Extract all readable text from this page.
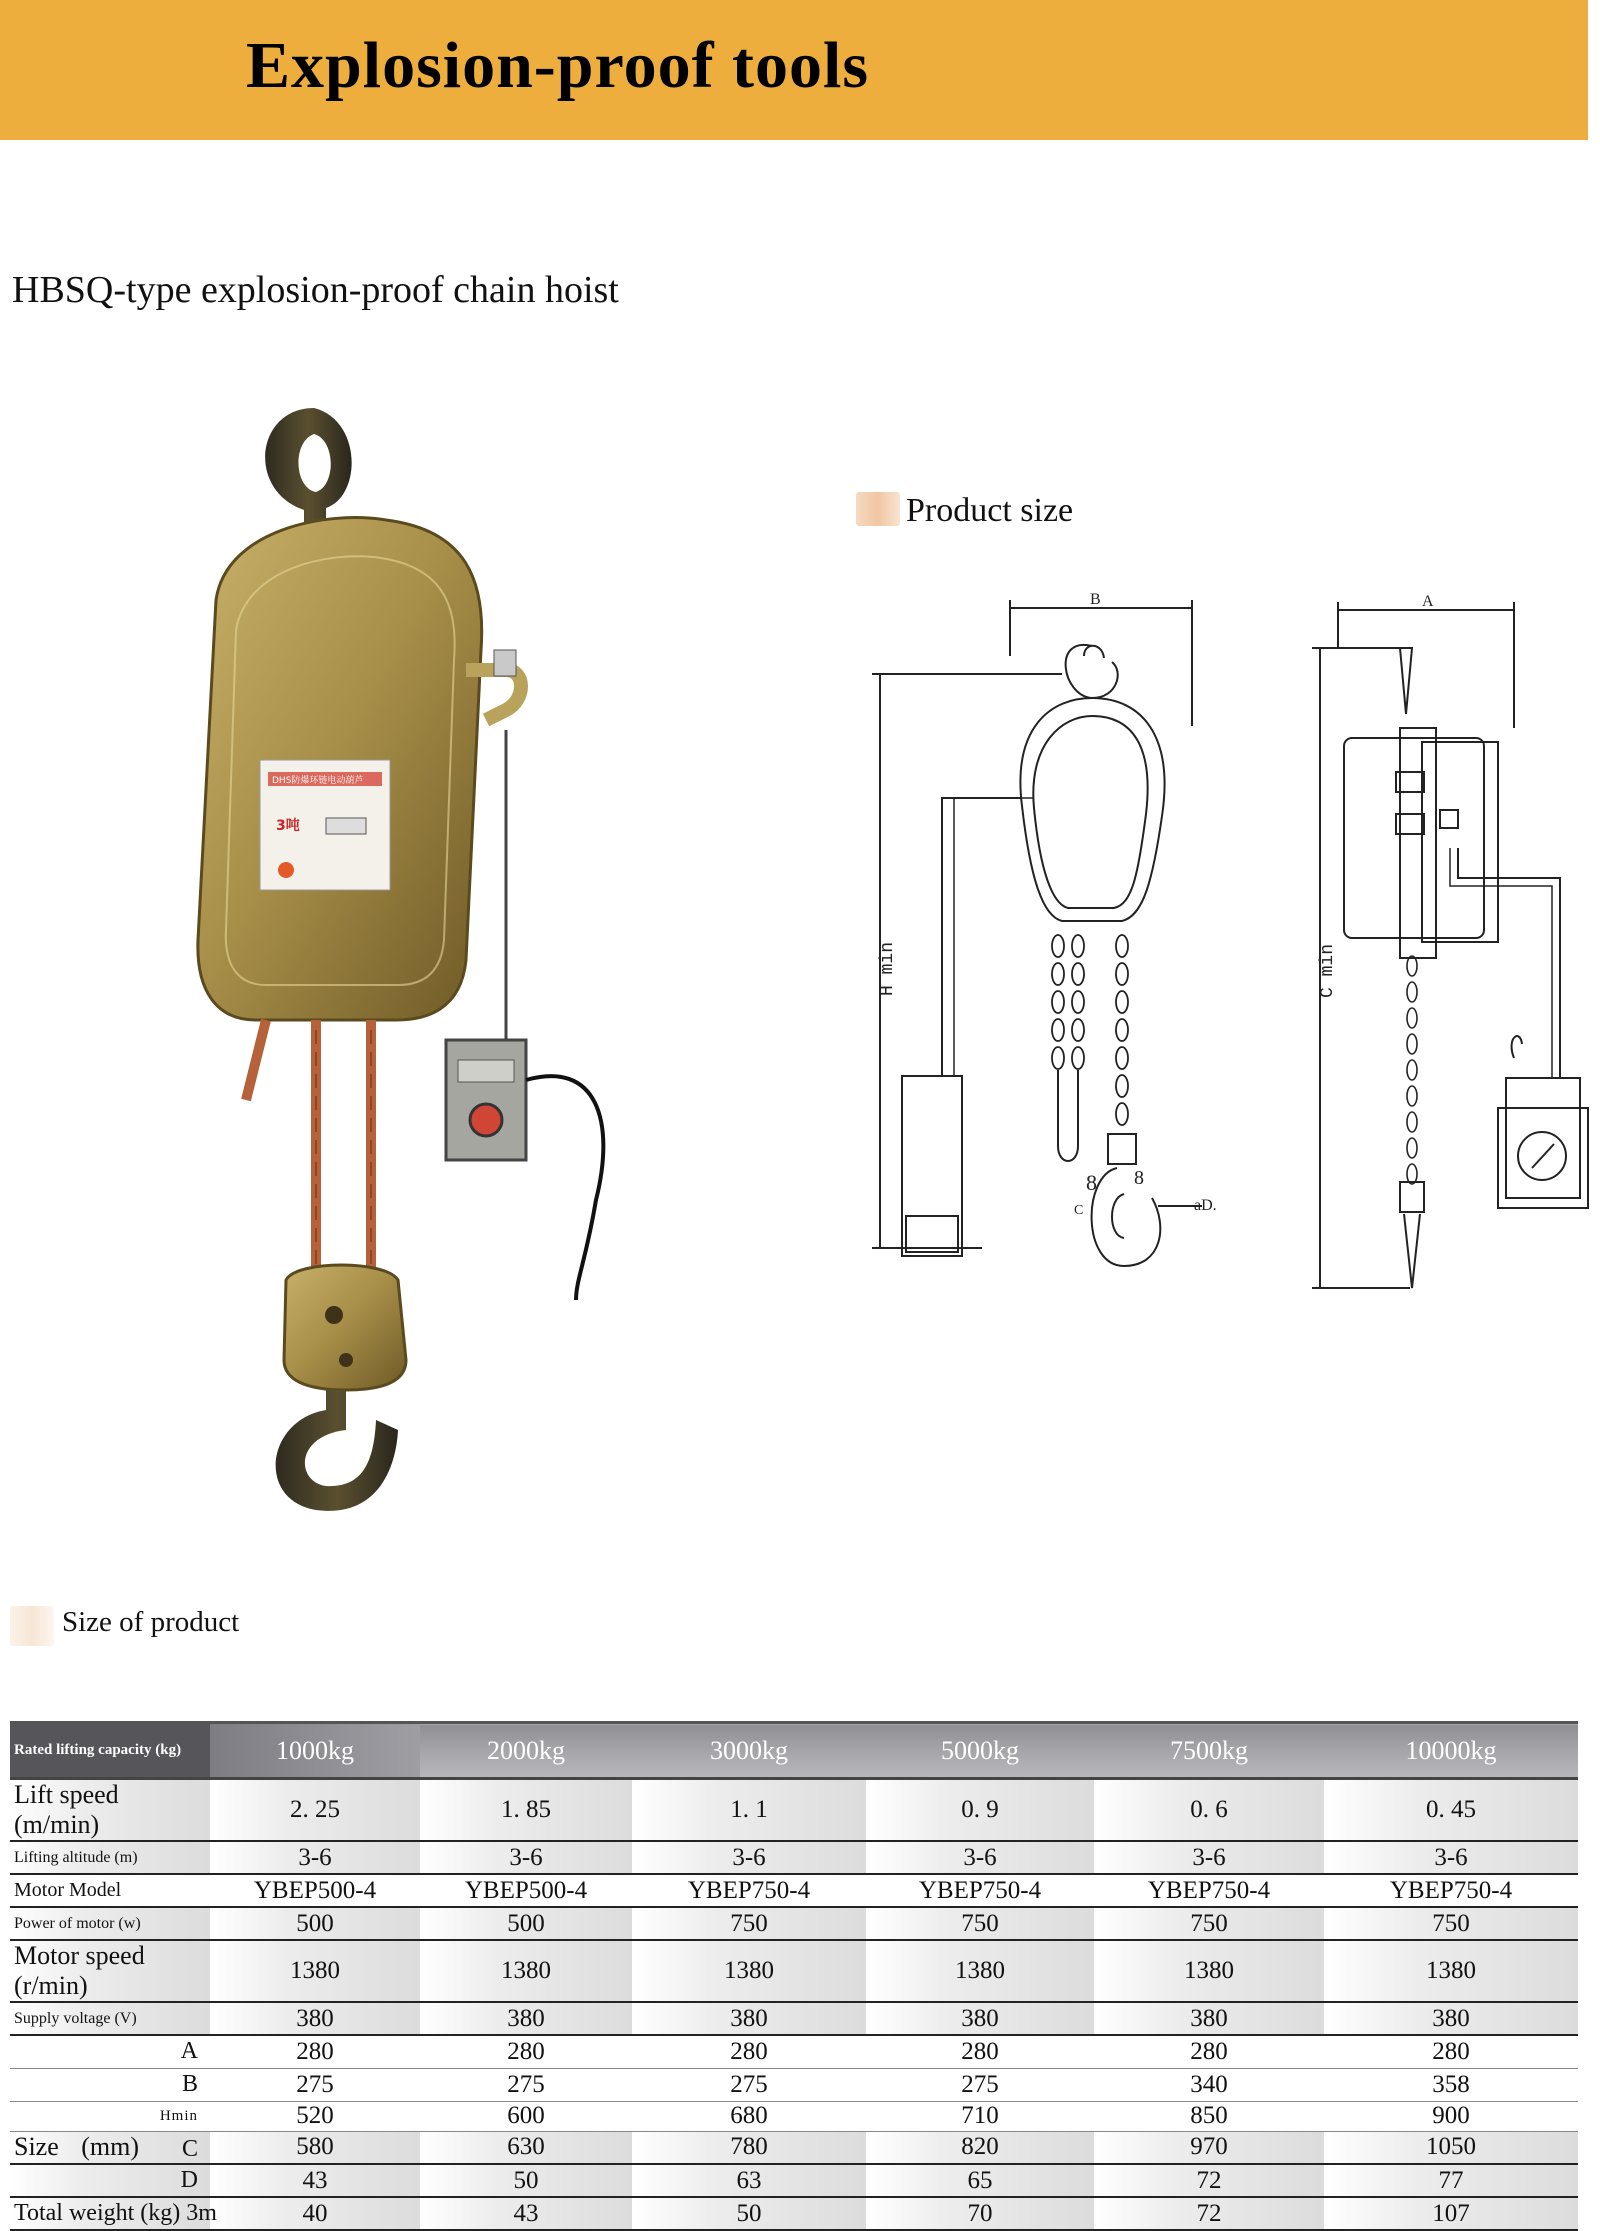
Explosion-proof tools
HBSQ-type explosion-proof chain hoist
DHS防爆环链电动葫芦
3吨
Product size
B
H min
8 8
C	aD.
A
C min
Size of product
Rated lifting capacity (kg)	1000kg	2000kg	3000kg	5000kg	7500kg	10000kg
Lift speed (m/min)	2. 25	1. 85	1. 1	0. 9	0. 6	0. 45
Lifting altitude (m)	3-6	3-6	3-6	3-6	3-6	3-6
Motor Model	YBEP500-4	YBEP500-4	YBEP750-4	YBEP750-4	YBEP750-4	YBEP750-4
Power of motor (w)	500	500	750	750	750	750
Motor speed (r/min)	1380	1380	1380	1380	1380	1380
Supply voltage (V)	380	380	380	380	380	380
A	280	280	280	280	280	280
B	275	275	275	275	340	358
Hmin	520	600	680	710	850	900
Size (mm) C	580	630	780	820	970	1050
D	43	50	63	65	72	77
Total weight (kg) 3m	40	43	50	70	72	107
